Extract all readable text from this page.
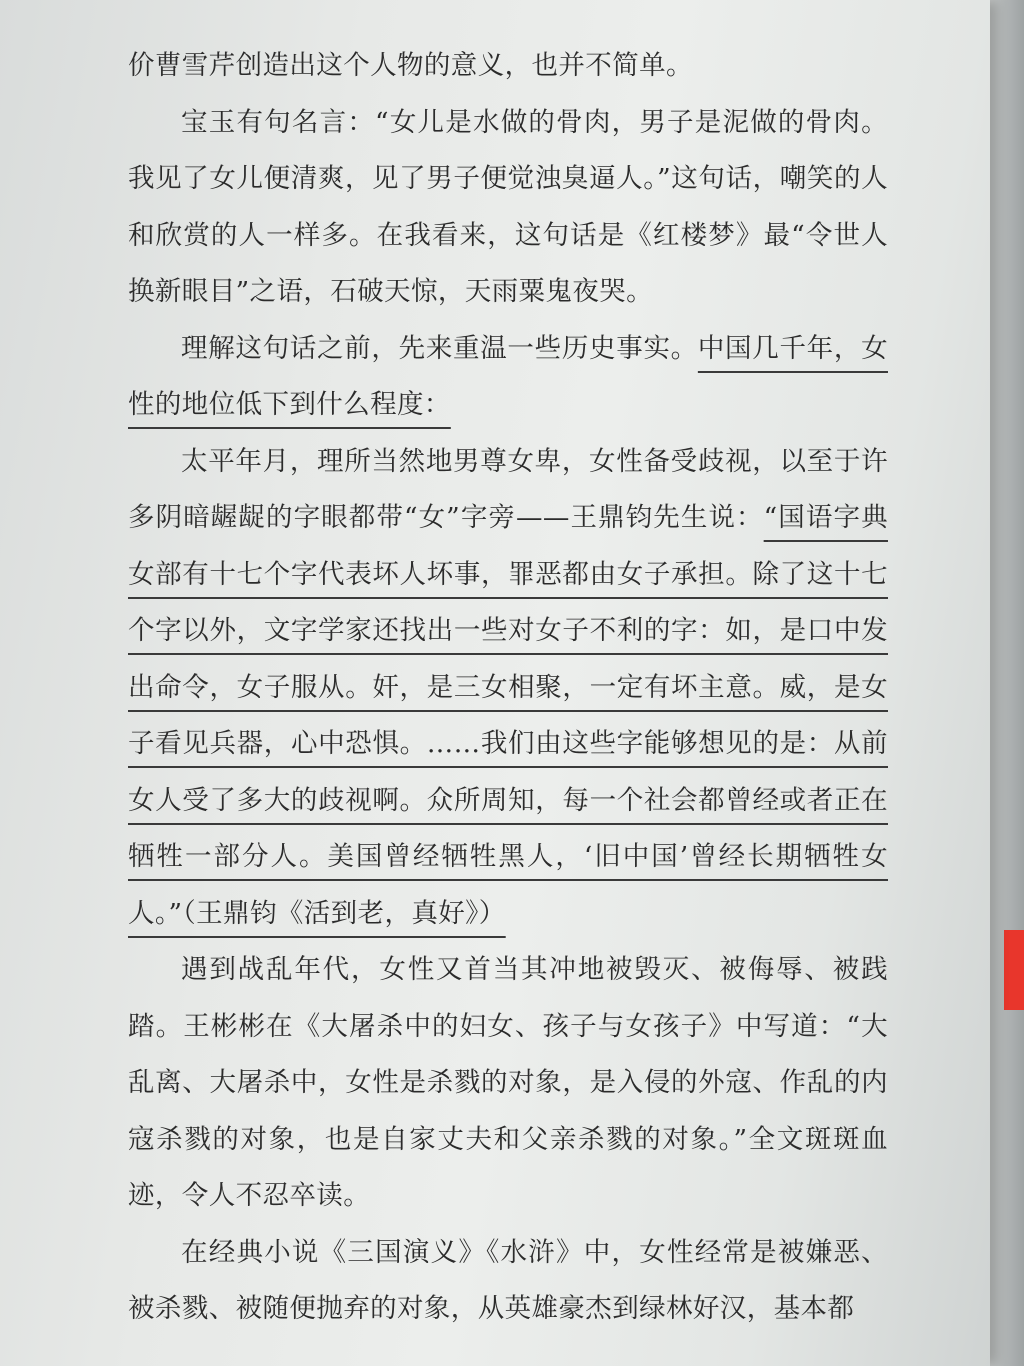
价曹雪芹创造出这个人物的意义，也并不简单。

宝玉有句名言：“女儿是水做的骨肉，男子是泥做的骨肉。我见了女儿便清爽，见了男子便觉浊臭逼人。”这句话，嘲笑的人和欣赏的人一样多。在我看来，这句话是《红楼梦》最“令世人换新眼目”之语，石破天惊，天雨粟鬼夜哭。

理解这句话之前，先来重温一些历史事实。中国几千年，女性的地位低下到什么程度：

太平年月，理所当然地男尊女卑，女性备受歧视，以至于许多阴暗龌龊的字眼都带“女”字旁——王鼎钧先生说：“国语字典女部有十七个字代表坏人坏事，罪恶都由女子承担。除了这十七个字以外，文字学家还找出一些对女子不利的字：如，是口中发出命令，女子服从。奸，是三女相聚，一定有坏主意。威，是女子看见兵器，心中恐惧。……我们由这些字能够想见的是：从前女人受了多大的歧视啊。众所周知，每一个社会都曾经或者正在牺牲一部分人。美国曾经牺牲黑人，‘旧中国’曾经长期牺牲女人。”（王鼎钧《活到老，真好》）

遇到战乱年代，女性又首当其冲地被毁灭、被侮辱、被践踏。王彬彬在《大屠杀中的妇女、孩子与女孩子》中写道：“大乱离、大屠杀中，女性是杀戮的对象，是入侵的外寇、作乱的内寇杀戮的对象，也是自家丈夫和父亲杀戮的对象。”全文斑斑血迹，令人不忍卒读。

在经典小说《三国演义》《水浒》中，女性经常是被嫌恶、被杀戮、被随便抛弃的对象，从英雄豪杰到绿林好汉，基本都
